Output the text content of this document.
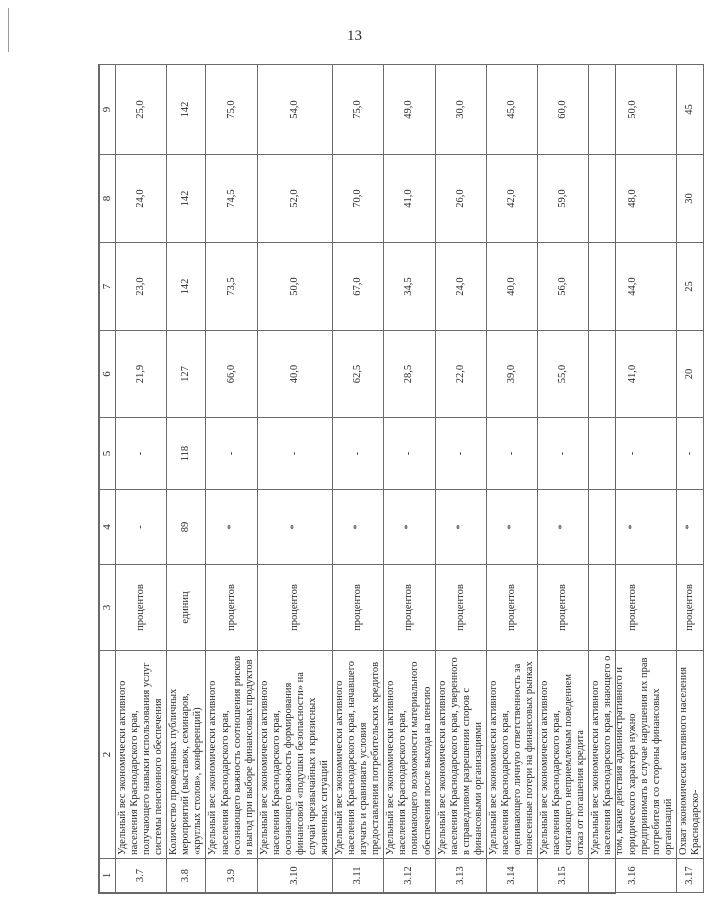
13
1	2	3	4	5	6	7	8	9
3.7	Удельный вес экономически активного населения Краснодарского края, получающего навыки использования услуг системы пенсионного обеспечения	процентов	-	-	21,9	23,0	24,0	25,0
3.8	Количество проведенных публичных мероприятий (выставок, семинаров, «круглых столов», конференций)	единиц	89	118	127	142	142	142
3.9	Удельный вес экономически активного населения Краснодарского края, осознающего важность соотношения рисков и выгод при выборе финансовых продуктов	процентов	*	-	66,0	73,5	74,5	75,0
3.10	Удельный вес экономически активного населения Краснодарского края, осознающего важность формирования финансовой «подушки безопасности» на случай чрезвычайных и кризисных жизненных ситуаций	процентов	*	-	40,0	50,0	52,0	54,0
3.11	Удельный вес экономически активного населения Краснодарского края, начавшего изучать и сравнивать условия предоставления потребительских кредитов	процентов	*	-	62,5	67,0	70,0	75,0
3.12	Удельный вес экономически активного населения Краснодарского края, понимающего возможности материального обеспечения после выхода на пенсию	процентов	*	-	28,5	34,5	41,0	49,0
3.13	Удельный вес экономически активного населения Краснодарского края, уверенного в справедливом разрешении споров с финансовыми организациями	процентов	*	-	22,0	24,0	26,0	30,0
3.14	Удельный вес экономически активного населения Краснодарского края, оценивающего личную ответственность за понесенные потери на финансовых рынках	процентов	*	-	39,0	40,0	42,0	45,0
3.15	Удельный вес экономически активного населения Краснодарского края, считающего неприемлемым поведением отказ от погашения кредита	процентов	*	-	55,0	56,0	59,0	60,0
3.16	Удельный вес экономически активного населения Краснодарского края, знающего о том, какие действия административного и юридического характера нужно предпринимать в случае нарушения их прав потребителя со стороны финансовых организаций	процентов	*	-	41,0	44,0	48,0	50,0
3.17	Охват экономически активного населения Краснодарско-	процентов	*	-	20	25	30	45
